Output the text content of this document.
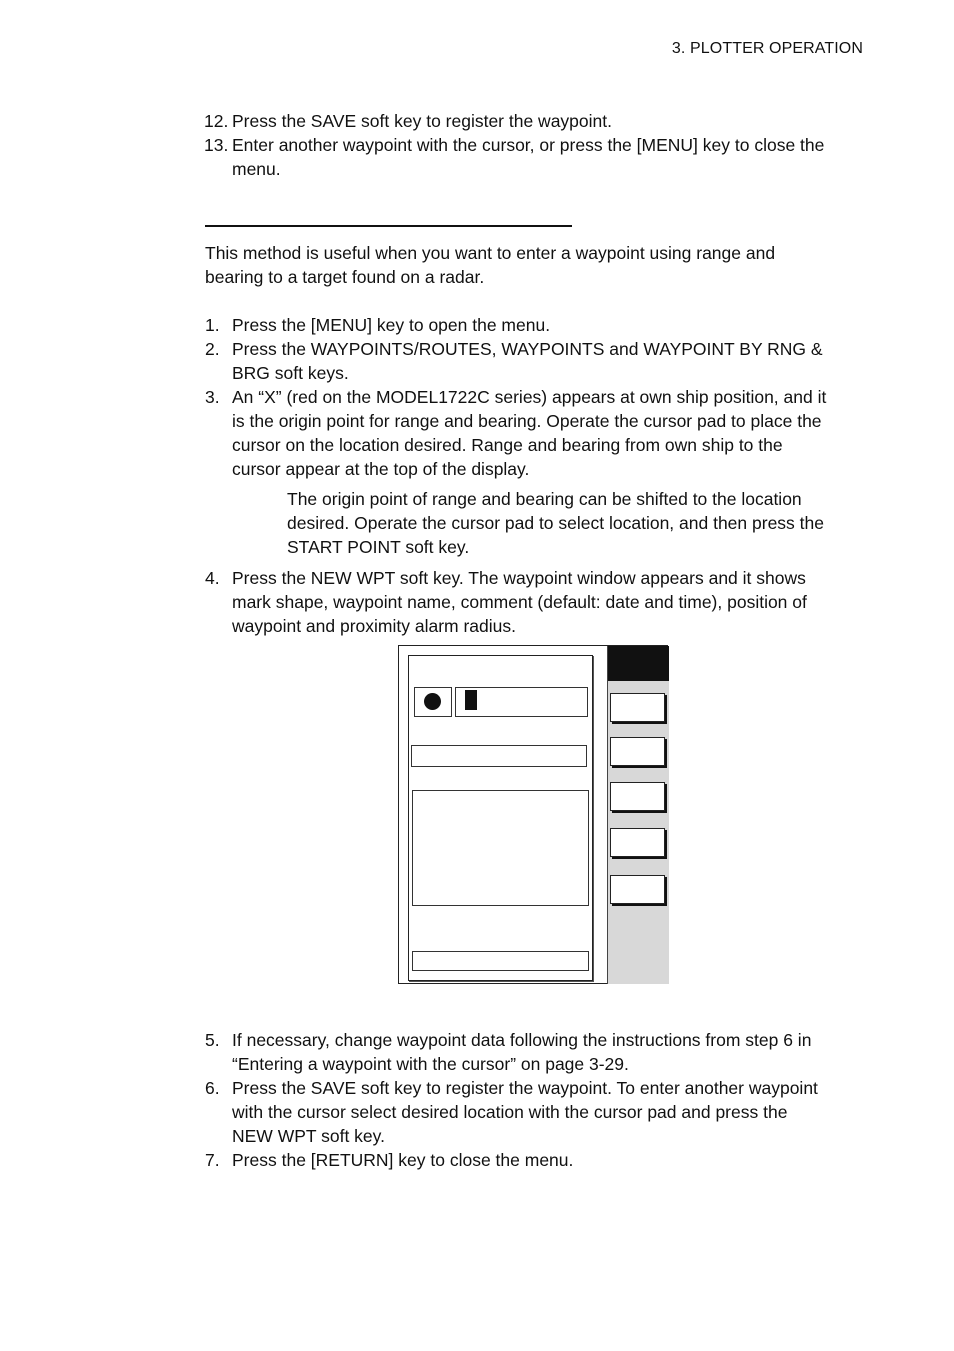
3. PLOTTER OPERATION
12. Press the SAVE soft key to register the waypoint.
13. Enter another waypoint with the cursor, or press the [MENU] key to close the
menu.
This method is useful when you want to enter a waypoint using range and
bearing to a target found on a radar.
1. Press the [MENU] key to open the menu.
2. Press the WAYPOINTS/ROUTES, WAYPOINTS and WAYPOINT BY RNG &
BRG soft keys.
3. An “X” (red on the MODEL1722C series) appears at own ship position, and it
is the origin point for range and bearing. Operate the cursor pad to place the
cursor on the location desired. Range and bearing from own ship to the
cursor appear at the top of the display.
The origin point of range and bearing can be shifted to the location
desired. Operate the cursor pad to select location, and then press the
START POINT soft key.
4. Press the NEW WPT soft key. The waypoint window appears and it shows
mark shape, waypoint name, comment (default: date and time), position of
waypoint and proximity alarm radius.
5. If necessary, change waypoint data following the instructions from step 6 in
“Entering a waypoint with the cursor” on page 3-29.
6. Press the SAVE soft key to register the waypoint. To enter another waypoint
with the cursor select desired location with the cursor pad and press the
NEW WPT soft key.
7. Press the [RETURN] key to close the menu.
